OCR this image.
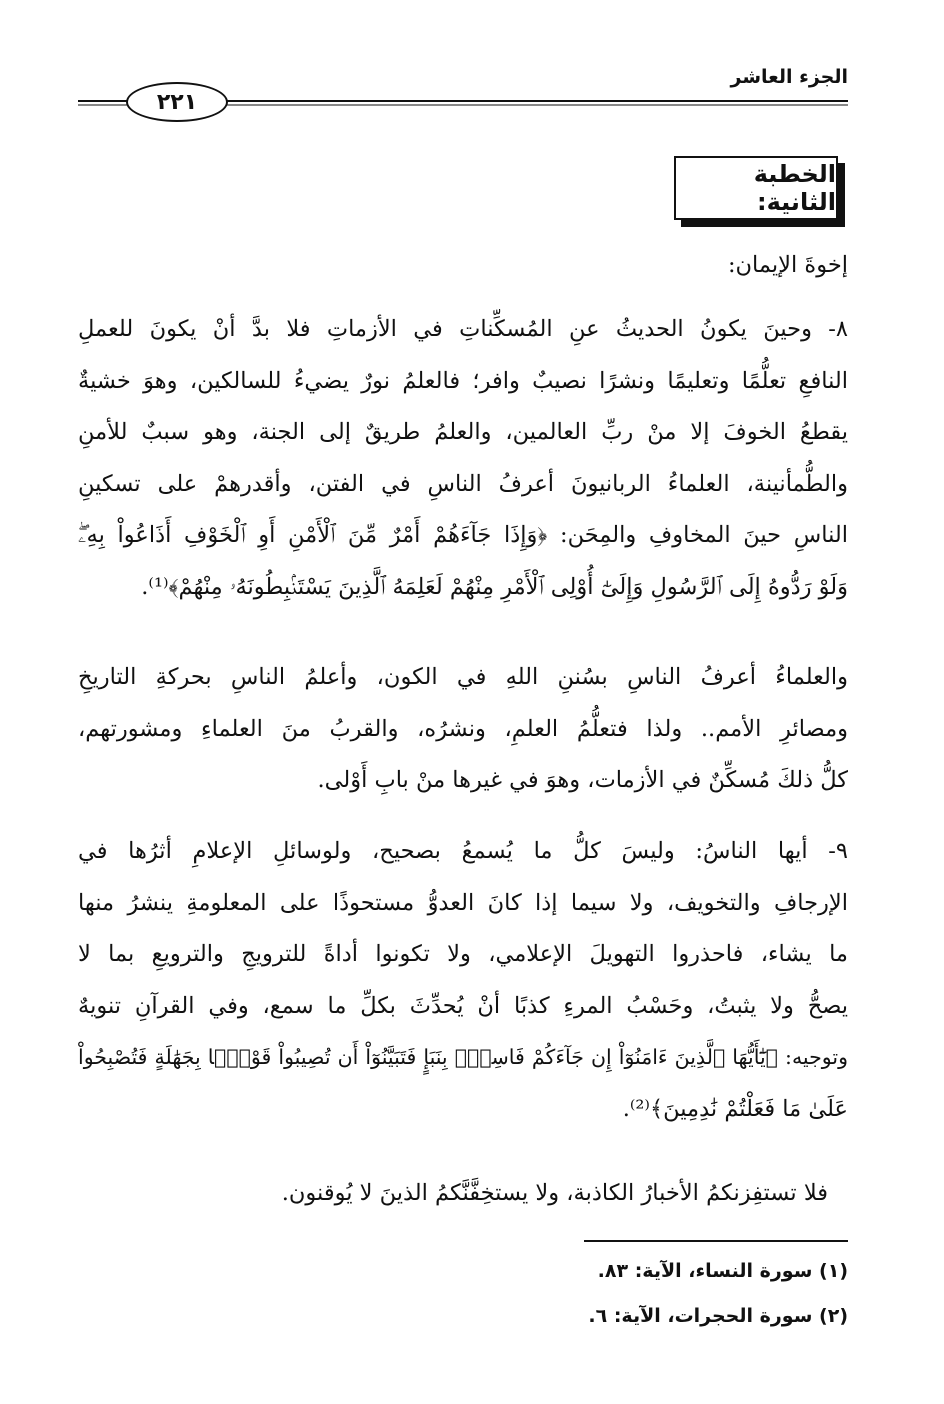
الجزء العاشر
٢٢١
الخطبة الثانية:
إخوةَ الإيمان:
٨- وحينَ يكونُ الحديثُ عنِ المُسكِّناتِ في الأزماتِ فلا بدَّ أنْ يكونَ للعملِ
النافعِ تعلُّمًا وتعليمًا ونشرًا نصيبٌ وافر؛ فالعلمُ نورٌ يضيءُ للسالكين، وهوَ خشيةٌ
يقطعُ الخوفَ إلا منْ ربِّ العالمين، والعلمُ طريقٌ إلى الجنة، وهو سببٌ للأمنِ
والطُّمأنينة، العلماءُ الربانيونَ أعرفُ الناسِ في الفتن، وأقدرهمْ على تسكينِ
الناسِ حينَ المخاوفِ والمِحَن: ﴿وَإِذَا جَآءَهُمْ أَمْرٌ مِّنَ ٱلْأَمْنِ أَوِ ٱلْخَوْفِ أَذَاعُواْ بِهِۦۖ
وَلَوْ رَدُّوهُ إِلَى ٱلرَّسُولِ وَإِلَىٰٓ أُوْلِى ٱلْأَمْرِ مِنْهُمْ لَعَلِمَهُ ٱلَّذِينَ يَسْتَنۢبِطُونَهُۥ مِنْهُمْ﴾⁽¹⁾.
والعلماءُ أعرفُ الناسِ بسُننِ اللهِ في الكون، وأعلمُ الناسِ بحركةِ التاريخِ
ومصائرِ الأمم.. ولذا فتعلُّمُ العلمِ، ونشرُه، والقربُ منَ العلماءِ ومشورتهم،
كلُّ ذلكَ مُسكِّنٌ في الأزمات، وهوَ في غيرها منْ بابِ أَوْلى.
٩- أيها الناسُ: وليسَ كلُّ ما يُسمعُ بصحيح، ولوسائلِ الإعلامِ أثرُها في
الإرجافِ والتخويف، ولا سيما إذا كانَ العدوُّ مستحوذًا على المعلومةِ ينشرُ منها
ما يشاء، فاحذروا التهويلَ الإعلامي، ولا تكونوا أداةً للترويجِ والترويعِ بما لا
يصحُّ ولا يثبتُ، وحَسْبُ المرءِ كذبًا أنْ يُحدِّثَ بكلِّ ما سمع، وفي القرآنِ تنويهٌ
وتوجيه: ﴿يَٰٓأَيُّهَا ٱلَّذِينَ ءَامَنُوٓاْ إِن جَآءَكُمْ فَاسِقُۢ بِنَبَإٍ فَتَبَيَّنُوٓاْ أَن تُصِيبُواْ قَوْمًۢا بِجَهَٰلَةٍ فَتُصْبِحُواْ
عَلَىٰ مَا فَعَلْتُمْ نَٰدِمِينَ﴾⁽²⁾.
فلا تستفِزنكمُ الأخبارُ الكاذبة، ولا يستخِفَّنَّكمُ الذينَ لا يُوقنون.
(١) سورة النساء، الآية: ٨٣.
(٢) سورة الحجرات، الآية: ٦.
